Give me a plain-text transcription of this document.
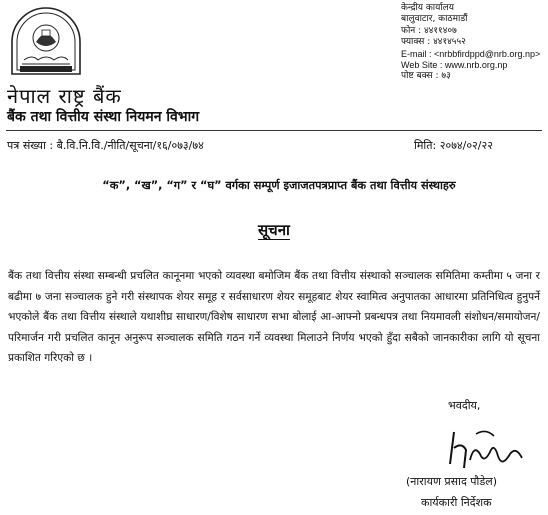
केन्द्रीय कार्यालय
बालुवाटार, काठमाडौं
फोन : ४४११४०७
फ्याक्स : ४४१४५५२
E-mail : <nrbbfirdppd@nrb.org.np>
Web Site : www.nrb.org.np
पोष्ट बक्स : ७३
नेपाल राष्ट्र बैंक
बैंक तथा वित्तीय संस्था नियमन विभाग
पत्र संख्या : बै.वि.नि.वि./नीति/सूचना/१६/०७३/७४	मिति: २०७४/०२/२२
“क”, “ख”, “ग” र “घ” वर्गका सम्पूर्ण इजाजतपत्रप्राप्त बैंक तथा वित्तीय संस्थाहरु
सूचना
बैंक तथा वित्तीय संस्था सम्बन्धी प्रचलित कानूनमा भएको व्यवस्था बमोजिम बैंक तथा वित्तीय संस्थाको सञ्चालक समितिमा कम्तीमा ५ जना र बढीमा ७ जना सञ्चालक हुने गरी संस्थापक शेयर समूह र सर्वसाधारण शेयर समूहबाट शेयर स्वामित्व अनुपातका आधारमा प्रतिनिधित्व हुनुपर्ने भएकोले बैंक तथा वित्तीय संस्थाले यथाशीघ्र साधारण/विशेष साधारण सभा बोलाई आ-आफ्नो प्रबन्धपत्र तथा नियमावली संशोधन/समायोजन/परिमार्जन गरी प्रचलित कानून अनुरूप सञ्चालक समिति गठन गर्ने व्यवस्था मिलाउने निर्णय भएको हुँदा सबैको जानकारीका लागि यो सूचना प्रकाशित गरिएको छ ।
भवदीय,
(नारायण प्रसाद पौडेल)
कार्यकारी निर्देशक
